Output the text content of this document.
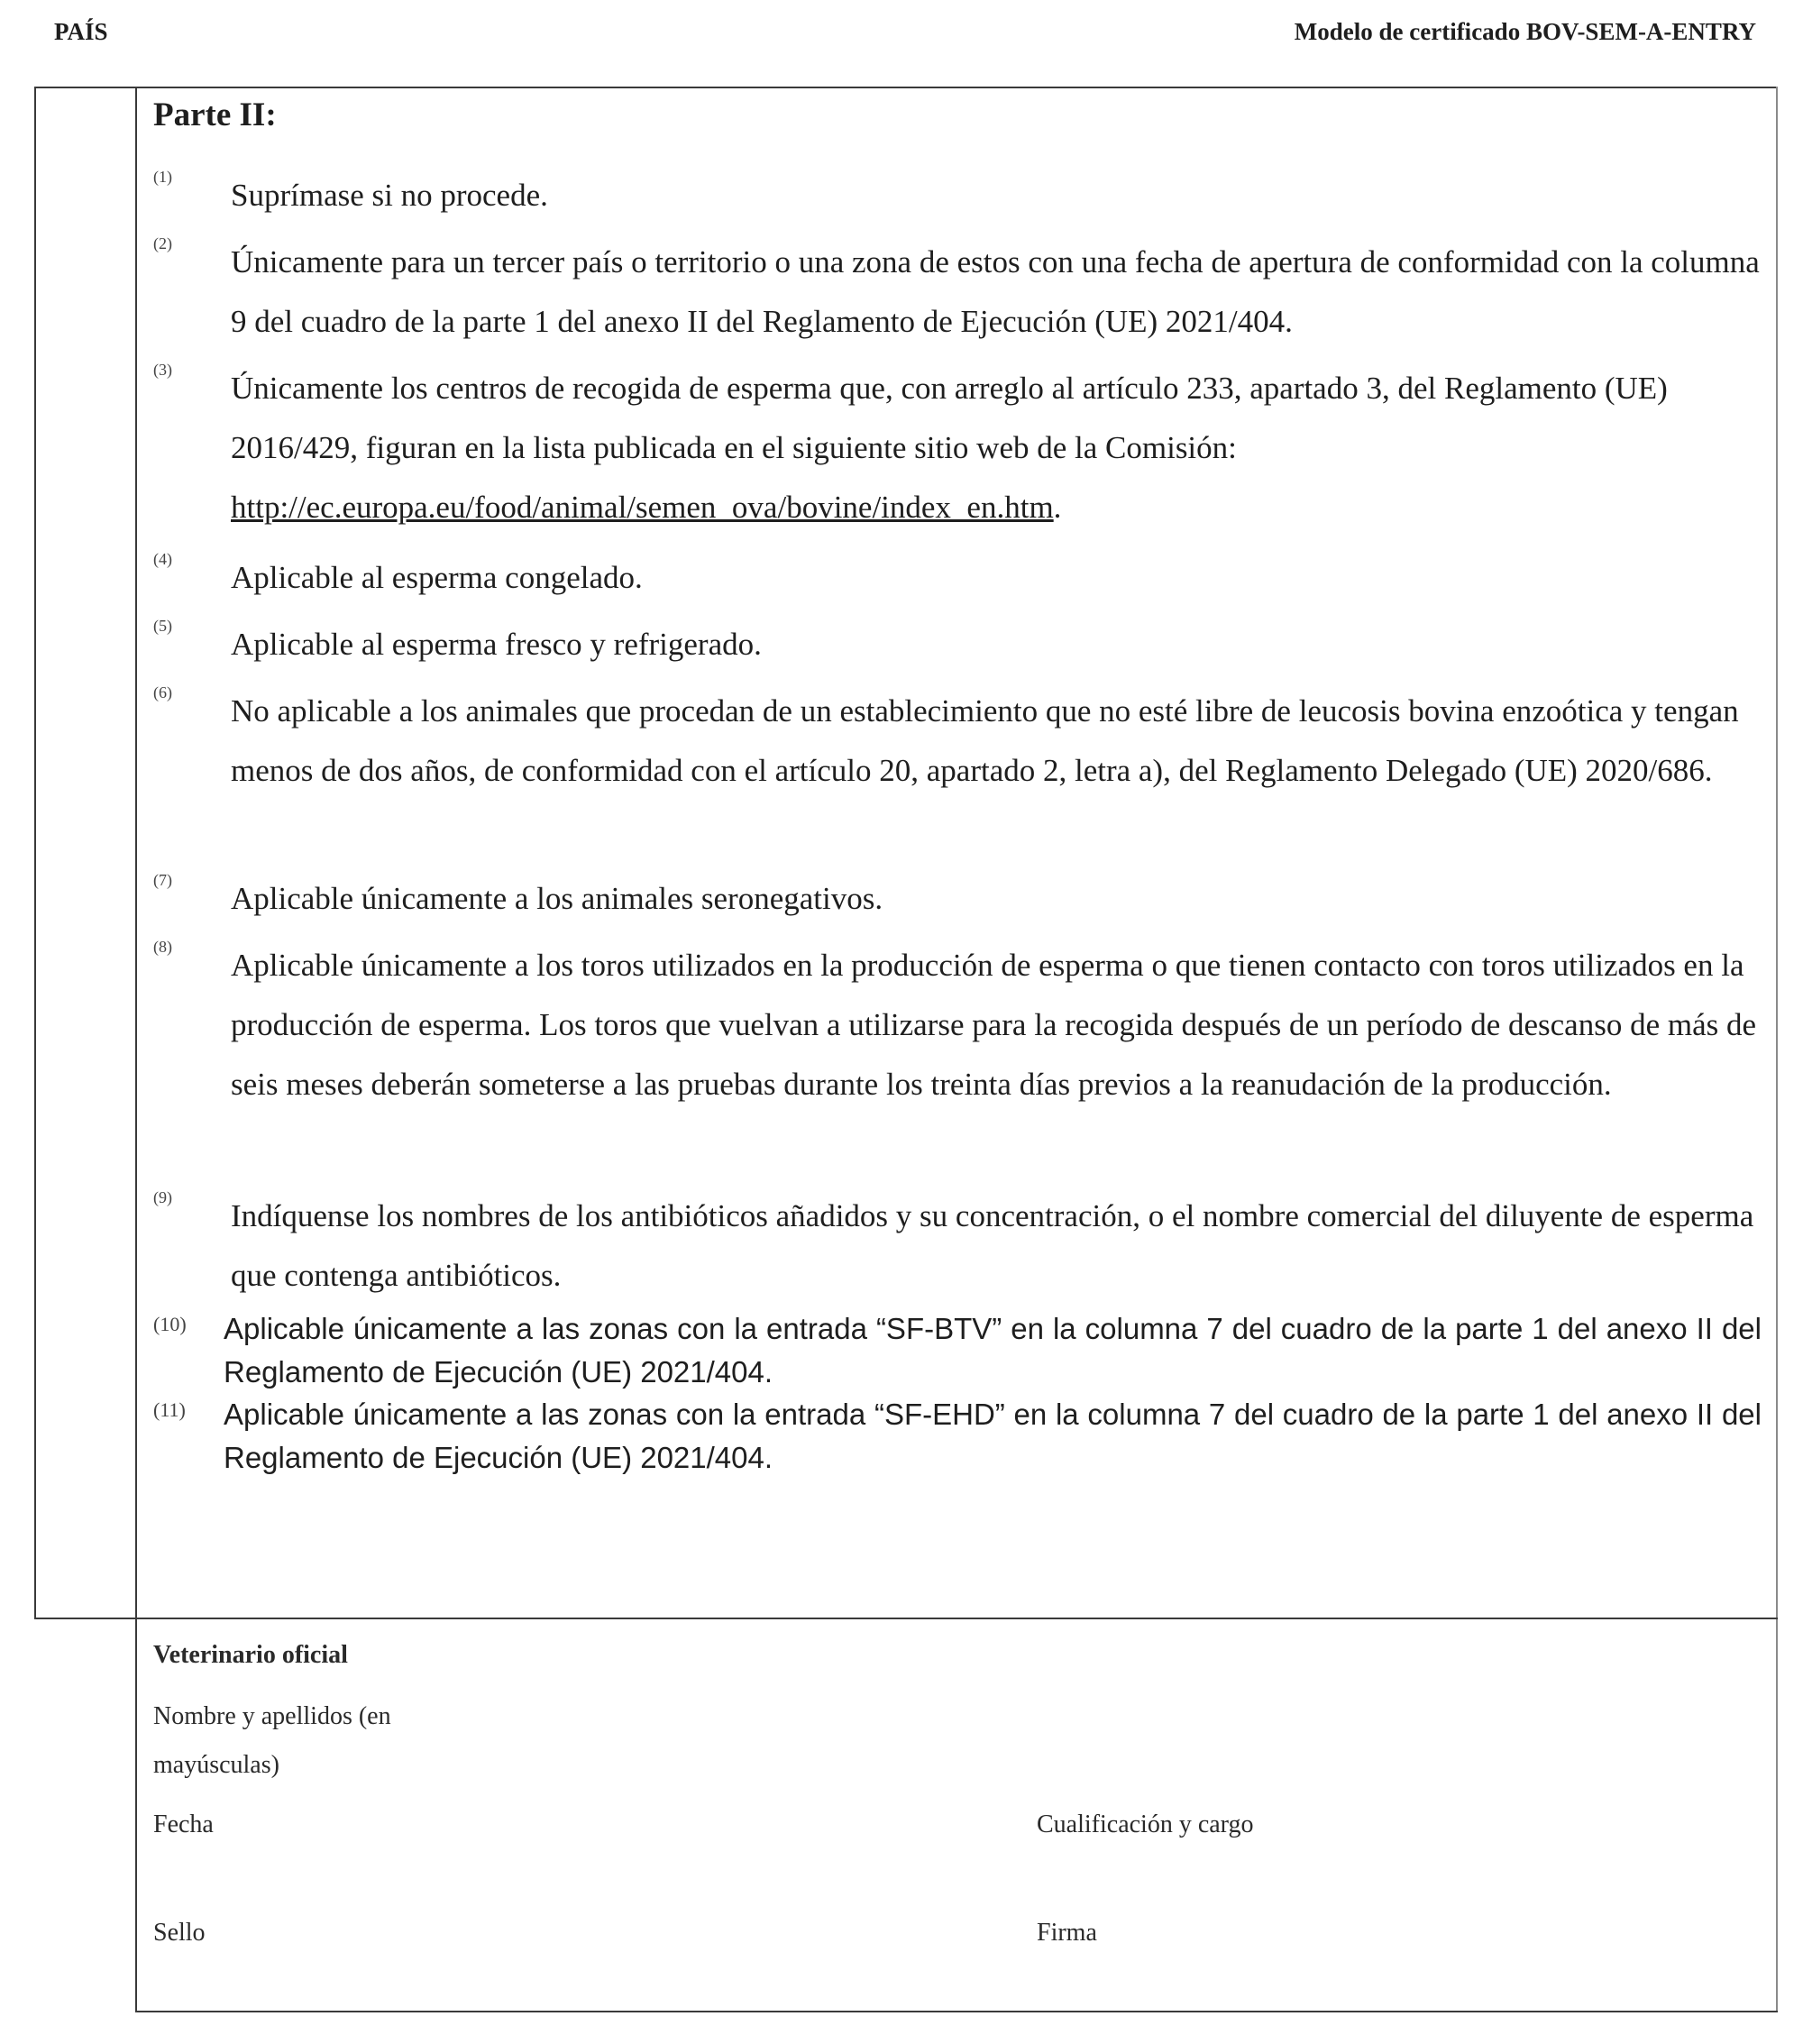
PAÍS	Modelo de certificado BOV-SEM-A-ENTRY
Parte II:
(1)
Suprímase si no procede.
(2)
Únicamente para un tercer país o territorio o una zona de estos con una fecha de apertura de conformidad con la columna 9 del cuadro de la parte 1 del anexo II del Reglamento de Ejecución (UE) 2021/404.
(3)
Únicamente los centros de recogida de esperma que, con arreglo al artículo 233, apartado 3, del Reglamento (UE) 2016/429, figuran en la lista publicada en el siguiente sitio web de la Comisión:
http://ec.europa.eu/food/animal/semen_ova/bovine/index_en.htm.
(4)
Aplicable al esperma congelado.
(5)
Aplicable al esperma fresco y refrigerado.
(6)
No aplicable a los animales que procedan de un establecimiento que no esté libre de leucosis bovina enzoótica y tengan menos de dos años, de conformidad con el artículo 20, apartado 2, letra a), del Reglamento Delegado (UE) 2020/686.
(7)
Aplicable únicamente a los animales seronegativos.
(8)
Aplicable únicamente a los toros utilizados en la producción de esperma o que tienen contacto con toros utilizados en la producción de esperma. Los toros que vuelvan a utilizarse para la recogida después de un período de descanso de más de seis meses deberán someterse a las pruebas durante los treinta días previos a la reanudación de la producción.
(9)
Indíquense los nombres de los antibióticos añadidos y su concentración, o el nombre comercial del diluyente de esperma que contenga antibióticos.
(10) Aplicable únicamente a las zonas con la entrada “SF-BTV” en la columna 7 del cuadro de la parte 1 del anexo II del Reglamento de Ejecución (UE) 2021/404.
(11) Aplicable únicamente a las zonas con la entrada “SF-EHD” en la columna 7 del cuadro de la parte 1 del anexo II del Reglamento de Ejecución (UE) 2021/404.
Veterinario oficial
Nombre y apellidos (en
mayúsculas)
Fecha	Cualificación y cargo
Sello	Firma
